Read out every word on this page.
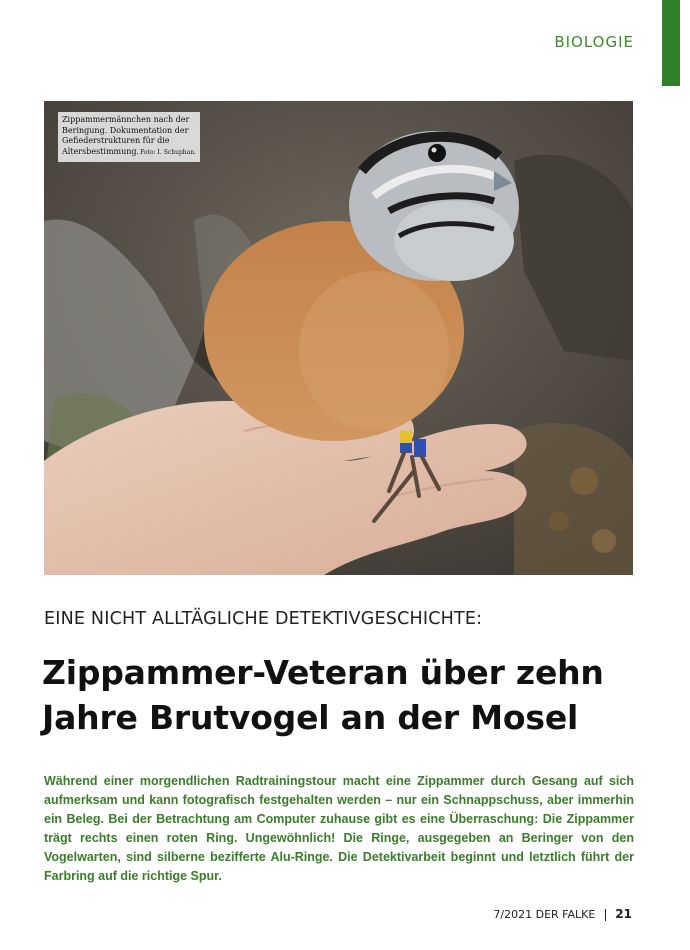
BIOLOGIE
Zippammermännchen nach der Beringung. Dokumentation der Gefiederstrukturen für die Altersbestimmung. Foto: I. Schuphan.
EINE NICHT ALLTÄGLICHE DETEKTIVGESCHICHTE:
Zippammer-Veteran über zehn
Jahre Brutvogel an der Mosel
Während einer morgendlichen Radtrainingstour macht eine Zippammer durch Gesang auf sich aufmerksam und kann fotografisch festgehalten werden – nur ein Schnappschuss, aber immerhin ein Beleg. Bei der Betrachtung am Computer zuhause gibt es eine Überraschung: Die Zippammer trägt rechts einen roten Ring. Ungewöhnlich! Die Ringe, ausgegeben an Beringer von den Vogelwarten, sind silberne bezifferte Alu-Ringe. Die Detektivarbeit beginnt und letztlich führt der Farbring auf die richtige Spur.
7/2021 DER FALKE 21
